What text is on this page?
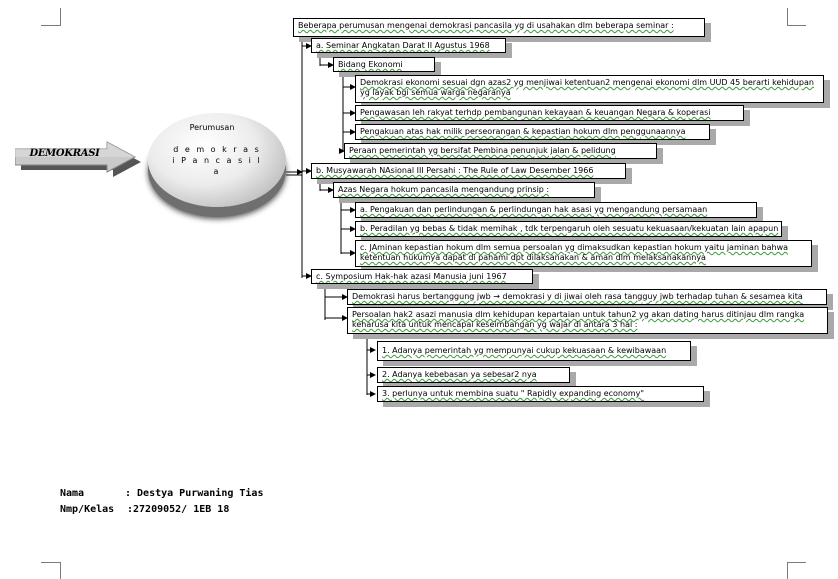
DEMOKRASI
Perumusan
d e m o k r a s i P a n c a s i l a
Beberapa perumusan mengenai demokrasi pancasila yg di usahakan dlm beberapa seminar :
a. Seminar Angkatan Darat II Agustus 1968
Bidang Ekonomi
Demokrasi ekonomi sesuai dgn azas2 yg menjiwai ketentuan2 mengenai ekonomi dlm UUD 45 berarti kehidupan yg layak bgi semua warga negaranya
Pengawasan leh rakyat terhdp pembangunan kekayaan & keuangan Negara & koperasi
Pengakuan atas hak milik perseorangan & kepastian hokum dlm penggunaannya
Peraan pemerintah yg bersifat Pembina penunjuk jalan & pelidung
b. Musyawarah NAsional III Persahi : The Rule of Law Desember 1966
Azas Negara hokum pancasila mengandung prinsip :
a. Pengakuan dan perlindungan & perlindungan hak asasi yg mengandung persamaan
b. Peradilan yg bebas & tidak memihak , tdk terpengaruh oleh sesuatu kekuasaan/kekuatan lain apapun
c. JAminan kepastian hokum dlm semua persoalan yg dimaksudkan kepastian hokum yaitu jaminan bahwa ketentuan hukumya dapat di pahami dpt dilaksanakan & aman dlm melaksanakannya
c. Symposium Hak-hak azasi Manusia juni 1967
Demokrasi harus bertanggung jwb → demokrasi y di jiwai oleh rasa tangguy jwb terhadap tuhan & sesamea kita
Persoalan hak2 asazi manusia dlm kehidupan kepartaian untuk tahun2 yg akan dating harus ditinjau dlm rangka keharusa kita untuk mencapai keseimbangan yg wajar di antara 3 hal :
1. Adanya pemerintah yg mempunyai cukup kekuasaan & kewibawaan
2. Adanya kebebasan ya sebesar2 nya
3. perlunya untuk membina suatu " Rapidly expanding economy"
Nama	: Destya Purwaning Tias
Nmp/Kelas :27209052/ 1EB 18
